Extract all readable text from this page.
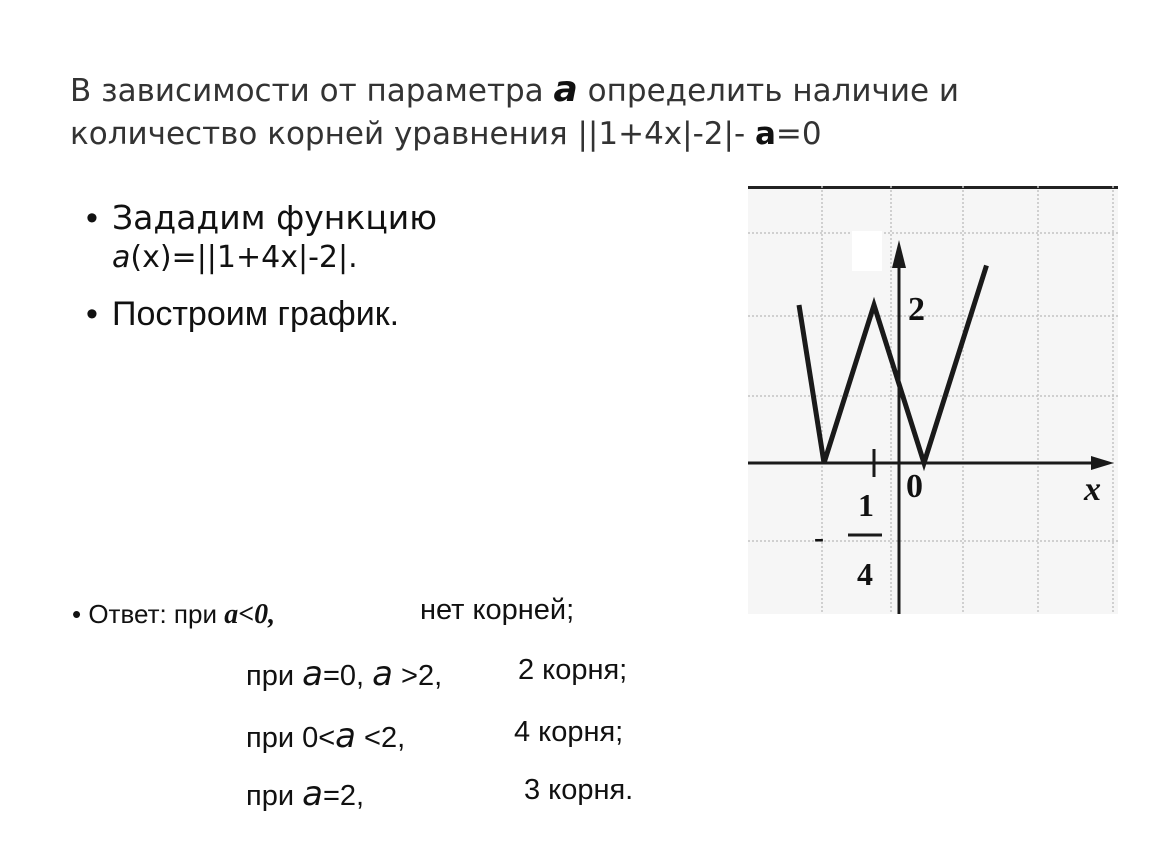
В зависимости от параметра a определить наличие и
количество корней уравнения ||1+4x|-2|- a=0
• Зададим функцию
a(x)=||1+4x|-2|.
• Построим график.	2
0	x
-
1
4
• Ответ: при a<0,	нет корней;
при a=0, a >2,	2 корня;
при 0<a <2,	4 корня;
при a=2,	3 корня.
